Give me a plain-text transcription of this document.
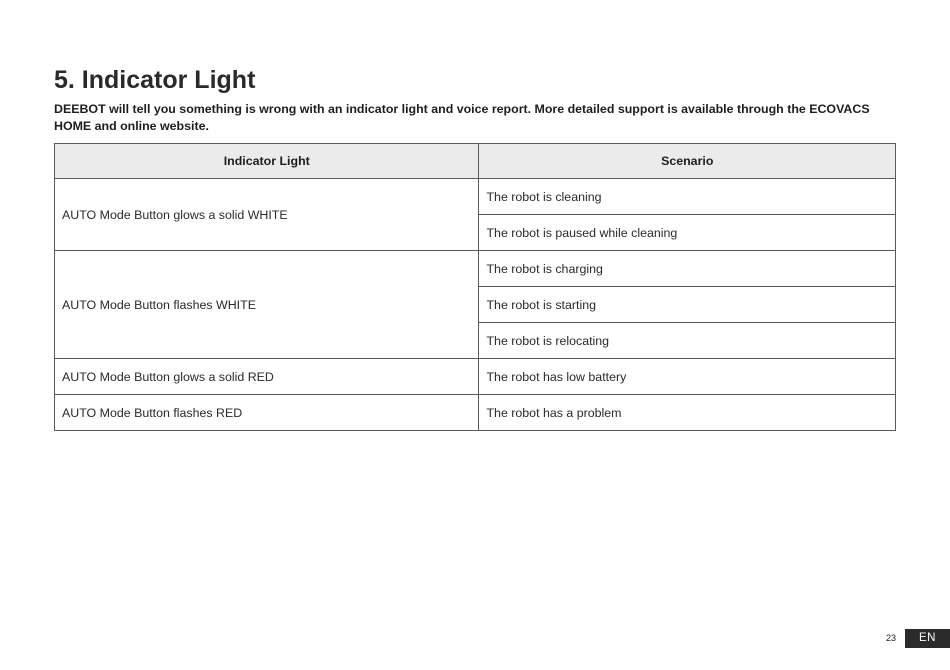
5. Indicator Light

DEEBOT will tell you something is wrong with an indicator light and voice report. More detailed support is available through the ECOVACS HOME and online website.

Indicator Light	Scenario
AUTO Mode Button glows a solid WHITE	The robot is cleaning
	The robot is paused while cleaning
AUTO Mode Button flashes WHITE	The robot is charging
	The robot is starting
	The robot is relocating
AUTO Mode Button glows a solid RED	The robot has low battery
AUTO Mode Button flashes RED	The robot has a problem
23	EN
